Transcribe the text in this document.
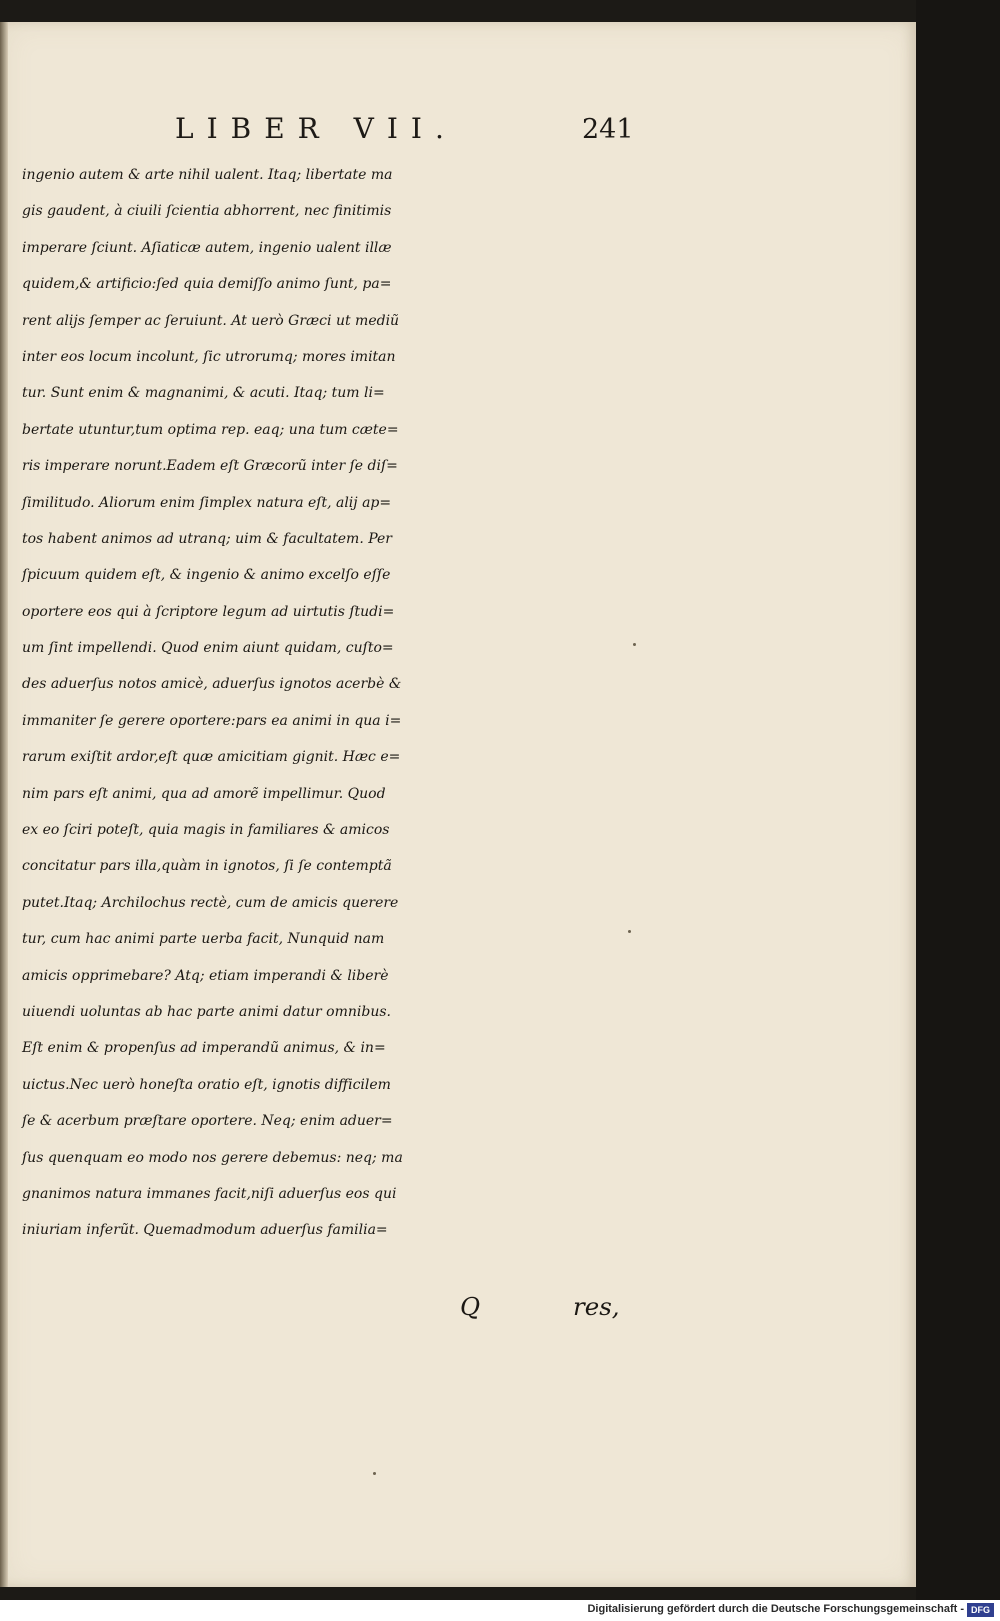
LIBER VII.	241
ingenio autem & arte nihil ualent. Itaq; libertate ma
gis gaudent, à ciuili ſcientia abhorrent, nec finitimis
imperare ſciunt. Aſiaticæ autem, ingenio ualent illæ
quidem,& artificio:ſed quia demiſſo animo ſunt, pa=
rent alijs ſemper ac ſeruiunt. At uerò Græci ut mediũ
inter eos locum incolunt, ſic utrorumq; mores imitan
tur. Sunt enim & magnanimi, & acuti. Itaq; tum li=
bertate utuntur,tum optima rep. eaq; una tum cæte=
ris imperare norunt.Eadem eſt Græcorũ inter ſe diſ=
ſimilitudo. Aliorum enim ſimplex natura eſt, alij ap=
tos habent animos ad utranq; uim & facultatem. Per
ſpicuum quidem eſt, & ingenio & animo excelſo eſſe
oportere eos qui à ſcriptore legum ad uirtutis ſtudi=
um ſint impellendi. Quod enim aiunt quidam, cuſto=
des aduerſus notos amicè, aduerſus ignotos acerbè &
immaniter ſe gerere oportere:pars ea animi in qua i=
rarum exiſtit ardor,eſt quæ amicitiam gignit. Hæc e=
nim pars eſt animi, qua ad amorẽ impellimur. Quod
ex eo ſciri poteſt, quia magis in familiares & amicos
concitatur pars illa,quàm in ignotos, ſi ſe contemptã
putet.Itaq; Archilochus rectè, cum de amicis querere
tur, cum hac animi parte uerba facit, Nunquid nam
amicis opprimebare? Atq; etiam imperandi & liberè
uiuendi uoluntas ab hac parte animi datur omnibus.
Eſt enim & propenſus ad imperandũ animus, & in=
uictus.Nec uerò honeſta oratio eſt, ignotis difficilem
ſe & acerbum præſtare oportere. Neq; enim aduer=
ſus quenquam eo modo nos gerere debemus: neq; ma
gnanimos natura immanes facit,niſi aduerſus eos qui
iniuriam inferũt. Quemadmodum aduerſus familia=
Q	res,
Digitalisierung gefördert durch die Deutsche Forschungsgemeinschaft - DFG
